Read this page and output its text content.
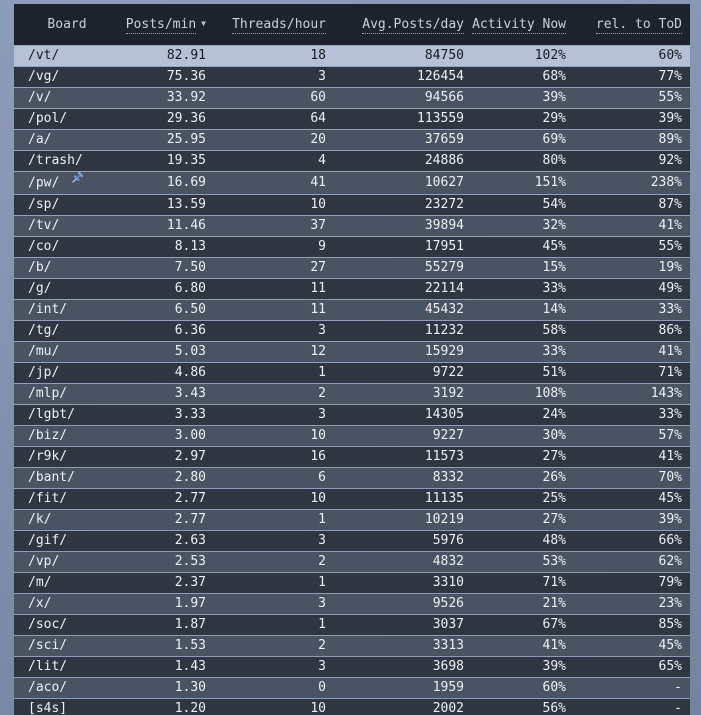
Board	Posts/min ▼	Threads/hour	Avg.Posts/day	Activity Now	rel. to ToD
/vt/	82.91	18	84750	102%	60%
/vg/	75.36	3	126454	68%	77%
/v/	33.92	60	94566	39%	55%
/pol/	29.36	64	113559	29%	39%
/a/	25.95	20	37659	69%	89%
/trash/	19.35	4	24886	80%	92%
/pw/	16.69	41	10627	151%	238%
/sp/	13.59	10	23272	54%	87%
/tv/	11.46	37	39894	32%	41%
/co/	8.13	9	17951	45%	55%
/b/	7.50	27	55279	15%	19%
/g/	6.80	11	22114	33%	49%
/int/	6.50	11	45432	14%	33%
/tg/	6.36	3	11232	58%	86%
/mu/	5.03	12	15929	33%	41%
/jp/	4.86	1	9722	51%	71%
/mlp/	3.43	2	3192	108%	143%
/lgbt/	3.33	3	14305	24%	33%
/biz/	3.00	10	9227	30%	57%
/r9k/	2.97	16	11573	27%	41%
/bant/	2.80	6	8332	26%	70%
/fit/	2.77	10	11135	25%	45%
/k/	2.77	1	10219	27%	39%
/gif/	2.63	3	5976	48%	66%
/vp/	2.53	2	4832	53%	62%
/m/	2.37	1	3310	71%	79%
/x/	1.97	3	9526	21%	23%
/soc/	1.87	1	3037	67%	85%
/sci/	1.53	2	3313	41%	45%
/lit/	1.43	3	3698	39%	65%
/aco/	1.30	0	1959	60%	-
[s4s]	1.20	10	2002	56%	-
